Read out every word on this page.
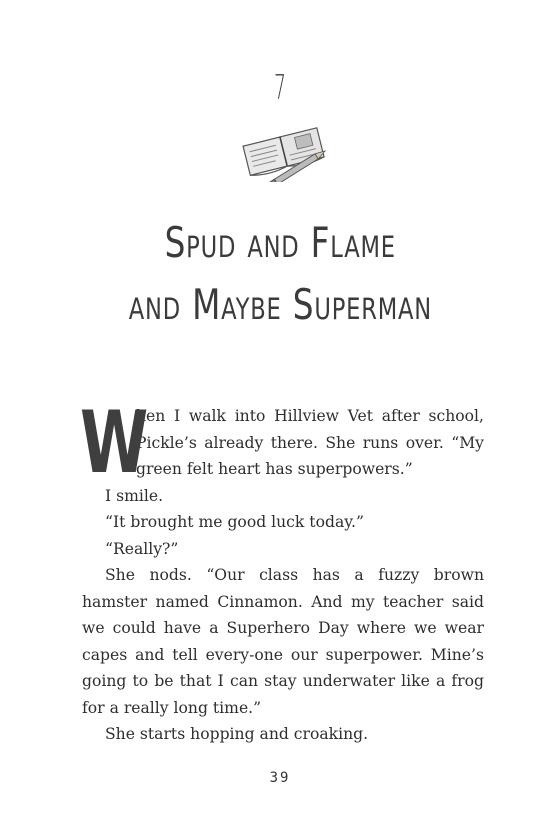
7
Spud and Flame
and Maybe Superman

W
hen I walk into Hillview Vet after school, Pickle’s already there. She runs over. “My green felt heart has superpowers.”

I smile.

“It brought me good luck today.”

“Really?”

She nods. “Our class has a fuzzy brown hamster named Cinnamon. And my teacher said we could have a Superhero Day where we wear capes and tell every-one our superpower. Mine’s going to be that I can stay underwater like a frog for a really long time.”

She starts hopping and croaking.

39
